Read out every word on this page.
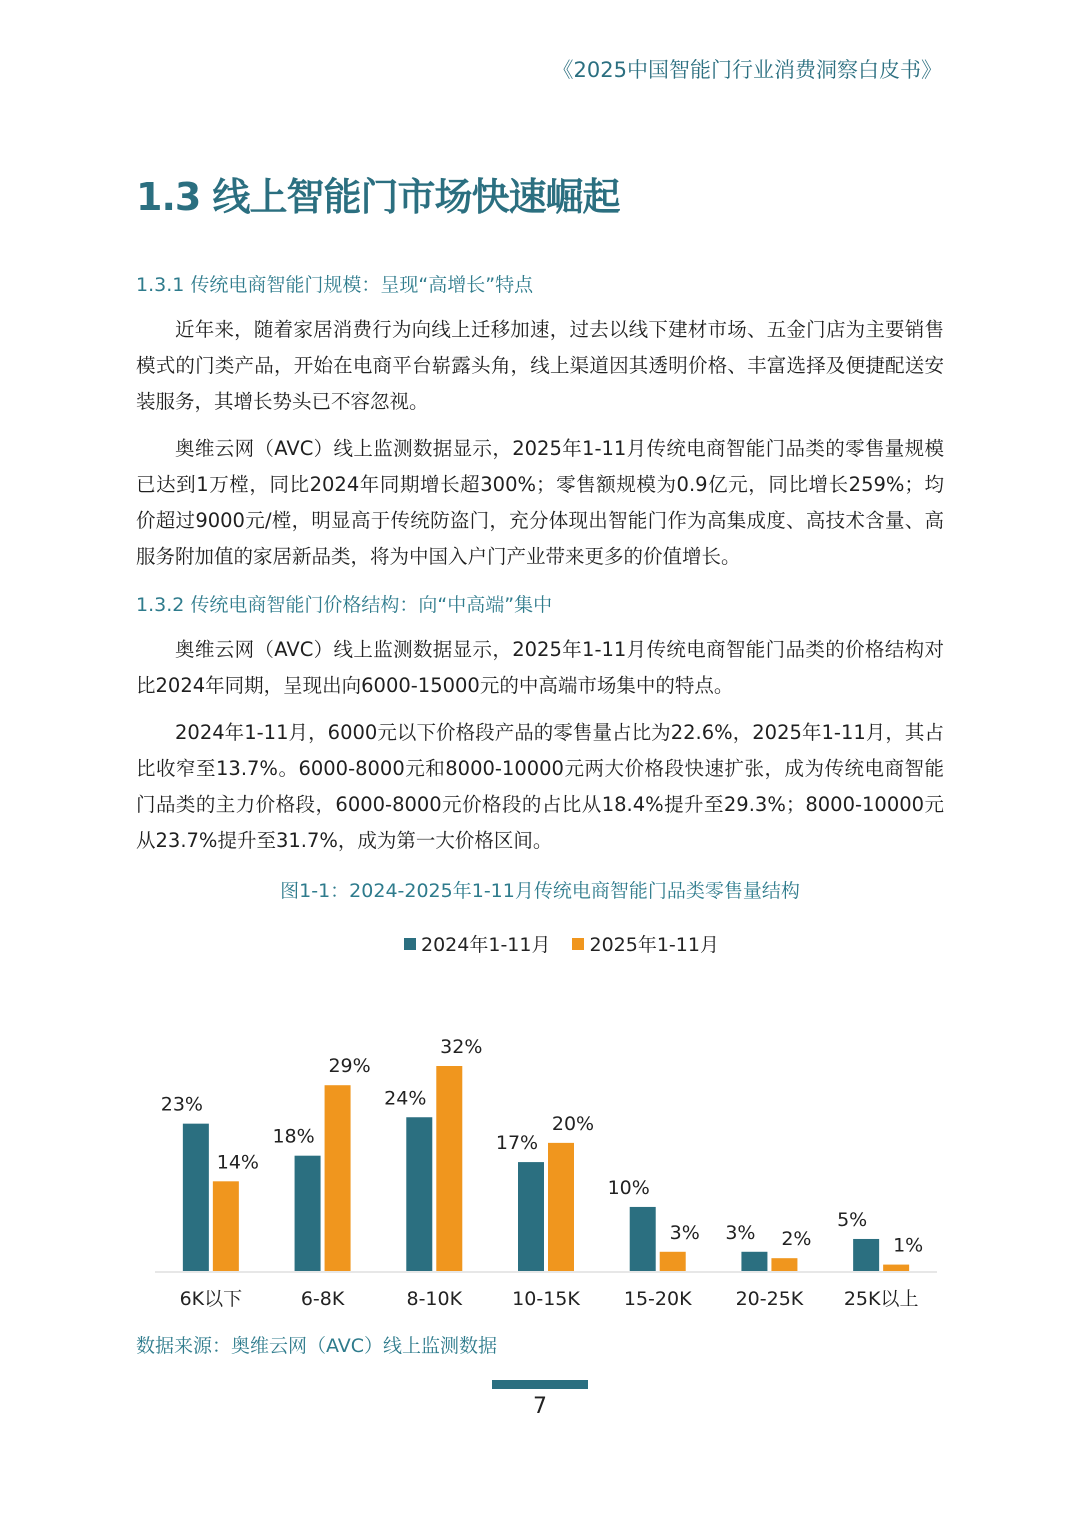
《2025中国智能门行业消费洞察白皮书》
1.3 线上智能门市场快速崛起
1.3.1 传统电商智能门规模：呈现“高增长”特点

近年来，随着家居消费行为向线上迁移加速，过去以线下建材市场、五金门店为主要销售模式的门类产品，开始在电商平台崭露头角，线上渠道因其透明价格、丰富选择及便捷配送安装服务，其增长势头已不容忽视。

奥维云网（AVC）线上监测数据显示，2025年1-11月传统电商智能门品类的零售量规模已达到1万樘，同比2024年同期增长超300%；零售额规模为0.9亿元，同比增长259%；均价超过9000元/樘，明显高于传统防盗门，充分体现出智能门作为高集成度、高技术含量、高服务附加值的家居新品类，将为中国入户门产业带来更多的价值增长。

1.3.2 传统电商智能门价格结构：向“中高端”集中

奥维云网（AVC）线上监测数据显示，2025年1-11月传统电商智能门品类的价格结构对比2024年同期，呈现出向6000-15000元的中高端市场集中的特点。

2024年1-11月，6000元以下价格段产品的零售量占比为22.6%，2025年1-11月，其占比收窄至13.7%。6000-8000元和8000-10000元两大价格段快速扩张，成为传统电商智能门品类的主力价格段，6000-8000元价格段的占比从18.4%提升至29.3%；8000-10000元从23.7%提升至31.7%，成为第一大价格区间。

图1-1：2024-2025年1-11月传统电商智能门品类零售量结构
2024年1-11月 2025年1-11月
23%
14%
6K以下
18%
29%
6-8K
24%
32%
8-10K
17%
20%
10-15K
10%
3%
15-20K
3% 2%
20-25K
5%
1%
25K以上
数据来源：奥维云网（AVC）线上监测数据
7
